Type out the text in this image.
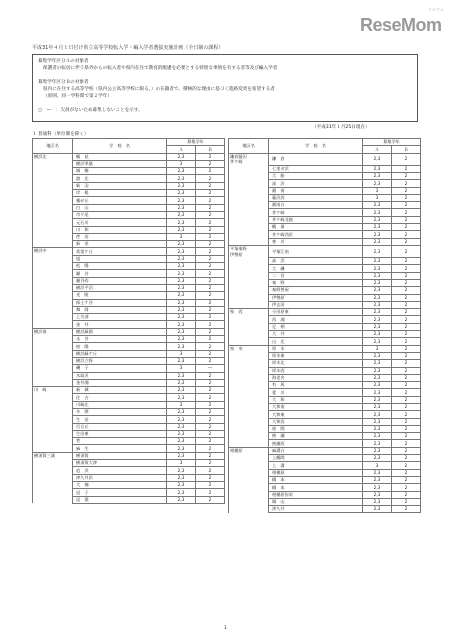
ReseMom
リセマム
平成31年４月１日付け県立高等学校転入学・編入学者選抜実施計画（全日制の課程）

募集学年区分Ａの対象者

保護者の転居に伴う県外からの転入者や県内在住で教育的配慮を必要とする特別な事情を有する者等及び編入学者

募集学年区分Ｂの対象者

県内に在住する高等学校（県内公立高等学校に限る。）の在籍者で、積極的な理由に基づく進路変更を希望する者

（原則、同一学科間で第２学年）

○　―　：欠員がないため募集しないことを示す。

（平成31年１月25日現在）
１ 普通科（単位制を除く）
地区名	学　校　名	募集学年	
		Ａ	Ｂ
横浜北	鶴　見	2,3	2
	横浜翠嵐	3	2
	城　郷	2,3	2
	港　北	2,3	2
	新　羽	2,3	2
	岸　根	2,3	2
	霧が丘	2,3	2
	白　山	2,3	2
	市ケ尾	2,3	2
	元石川	2,3	2
	川　和	2,3	2
	荏　田	3	2
	新　栄	2,3	2
横浜中	希望ケ丘	2,3	2
	旭	2,3	2
	松　陽	2,3	2
	瀬　谷	2,3	2
	瀬谷西	2,3	2
	横浜平沼	2,3	2
	光　陵	2,3	2
	保土ケ谷	2,3	2
	舞　岡	2,3	2
	上矢部	2,3	2
	金　井	2,3	2
横浜南	横浜緑園	2,3	2
	永　谷	2,3	2
	柏　陽	2,3	2
	横浜緑ケ丘	3	2
	横浜立野	2,3	2
	磯　子	3	―
	氷取沢	2,3	2
	金井湘	2,3	2
川　崎	新　城	2,3	2
	住　吉	2,3	2
	川崎北	3	2
	多　摩	2,3	2
	生　田	2,3	2
	百合丘	2,3	2
	生田東	2,3	2
	菅	2,3	2
	麻　生	2,3	2
横須賀三浦	横須賀	2,3	2
	横須賀大津	3	2
	追　浜	2,3	2
	津久井浜	2,3	2
	大　楠	2,3	2
	逗　子	2,3	2
	逗　葉	2,3	2
地区名	学　校　名	募集学年	
		Ａ	Ｂ
鎌倉藤沢
茅ケ崎	鎌　倉	2,3	2
	七里ガ浜	2,3	2
	大　船	2,3	2
	深　沢	2,3	2
	湘　南	3	2
	藤沢西	3	2
	湘南台	2,3	2
	茅ケ崎	2,3	2
	茅ケ崎北陵	2,3	2
	鶴　嶺	2,3	2
	茅ケ崎西浜	2,3	2
	寒　川	2,3	2
平塚秦野
伊勢原	平塚江南	2,3	2
	高　浜	2,3	2
	大　磯	2,3	2
	二　宮	2,3	2
	秦　野	2,3	2
	秦野曽屋	2,3	2
	伊勢原	2,3	2
	伊志田	2,3	2
県　西	小田原東	2,3	2
	西　湘	2,3	2
	足　柄	2,3	2
	大　井	2,3	2
	山　北	2,3	2
県　央	厚　木	3	2
	厚木東	2,3	2
	厚木北	2,3	2
	厚木西	2,3	2
	海老名	2,3	2
	有　馬	2,3	2
	愛　川	2,3	2
	大　和	2,3	2
	大和南	2,3	2
	大和東	2,3	2
	大和西	2,3	2
	座　間	2,3	2
	綾　瀬	2,3	2
	綾瀬西	2,3	2
相模原	麻溝台	2,3	2
	上鶴間	2,3	2
	上　溝	3	2
	相模原	2,3	2
	橋　本	2,3	2
	橋　本	2,3	2
	相模原弥栄	2,3	2
	城　山	2,3	2
	津久井	2,3	2
1
